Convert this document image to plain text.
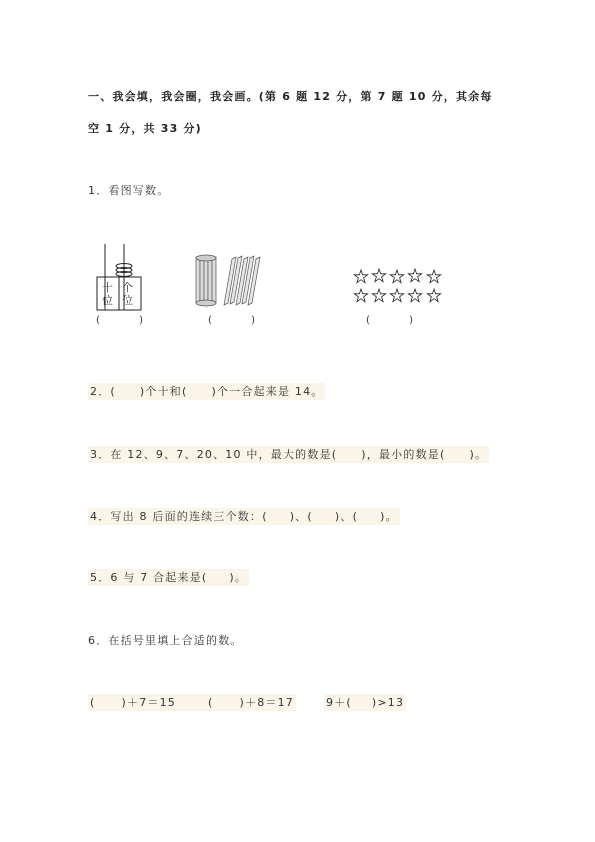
一、我会填，我会圈，我会画。(第 6 题 12 分，第 7 题 10 分，其余每
空 1 分，共 33 分)
1．看图写数。
十
位
个
位
( )	( )	( )
2．( )个十和( )个一合起来是 14。
3．在 12、9、7、20、10 中，最大的数是( )，最小的数是( )。
4．写出 8 后面的连续三个数：( )、( )、( )。
5．6 与 7 合起来是( )。
6．在括号里填上合适的数。
( )＋7＝15	( )＋8＝17	9＋( )>13
